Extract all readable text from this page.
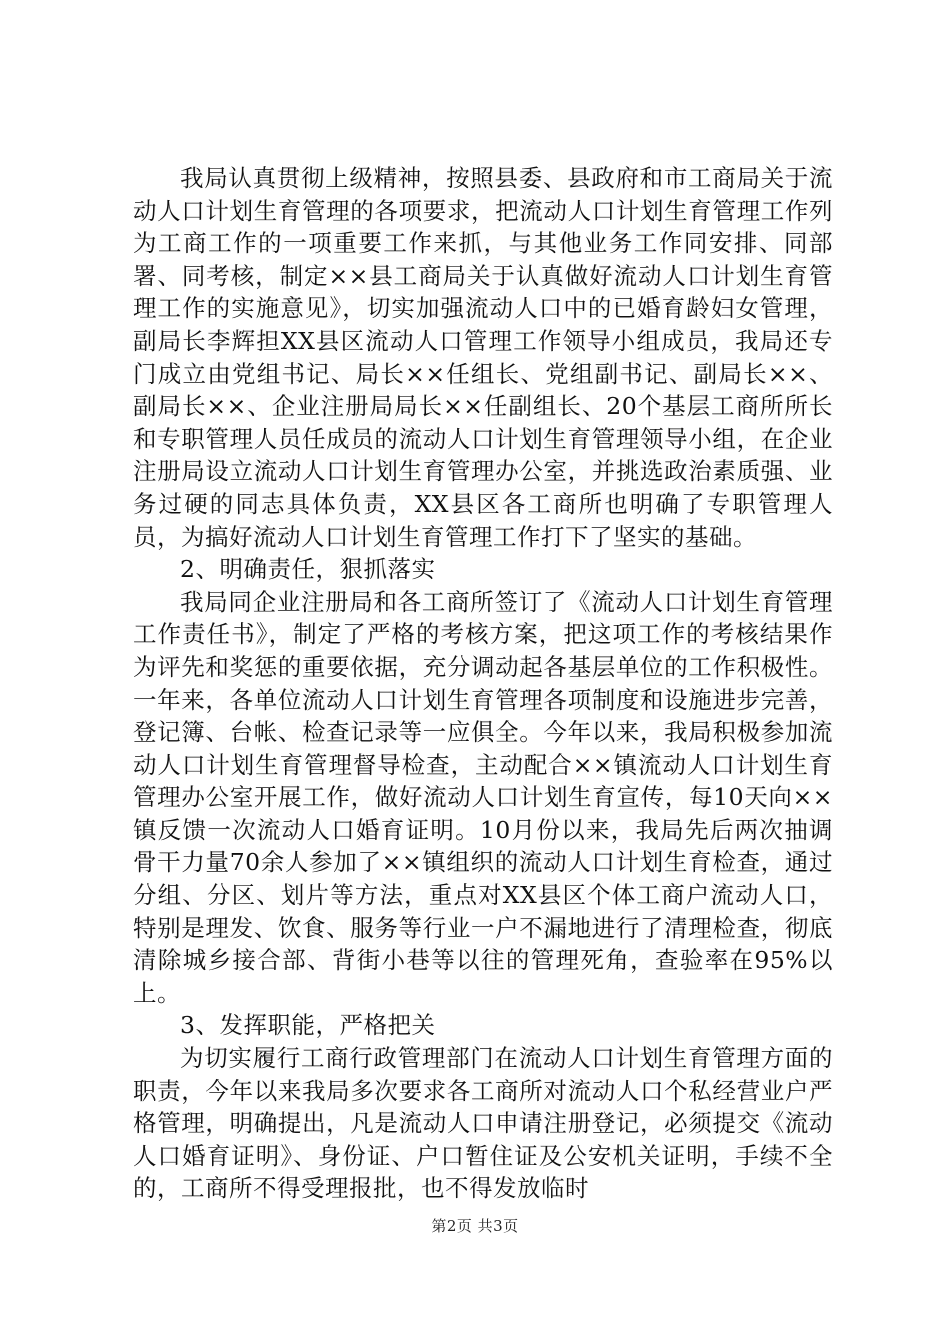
我局认真贯彻上级精神，按照县委、县政府和市工商局关于流动人口计划生育管理的各项要求，把流动人口计划生育管理工作列为工商工作的一项重要工作来抓，与其他业务工作同安排、同部署、同考核，制定××县工商局关于认真做好流动人口计划生育管理工作的实施意见》，切实加强流动人口中的已婚育龄妇女管理，副局长李辉担XX县区流动人口管理工作领导小组成员，我局还专门成立由党组书记、局长××任组长、党组副书记、副局长××、副局长××、企业注册局局长××任副组长、20个基层工商所所长和专职管理人员任成员的流动人口计划生育管理领导小组，在企业注册局设立流动人口计划生育管理办公室，并挑选政治素质强、业务过硬的同志具体负责，XX县区各工商所也明确了专职管理人员，为搞好流动人口计划生育管理工作打下了坚实的基础。

2、明确责任，狠抓落实

我局同企业注册局和各工商所签订了《流动人口计划生育管理工作责任书》，制定了严格的考核方案，把这项工作的考核结果作为评先和奖惩的重要依据，充分调动起各基层单位的工作积极性。一年来，各单位流动人口计划生育管理各项制度和设施进步完善，登记簿、台帐、检查记录等一应俱全。今年以来，我局积极参加流动人口计划生育管理督导检查，主动配合××镇流动人口计划生育管理办公室开展工作，做好流动人口计划生育宣传，每10天向××镇反馈一次流动人口婚育证明。10月份以来，我局先后两次抽调骨干力量70余人参加了××镇组织的流动人口计划生育检查，通过分组、分区、划片等方法，重点对XX县区个体工商户流动人口，特别是理发、饮食、服务等行业一户不漏地进行了清理检查，彻底清除城乡接合部、背街小巷等以往的管理死角，查验率在95%以上。

3、发挥职能，严格把关

为切实履行工商行政管理部门在流动人口计划生育管理方面的职责，今年以来我局多次要求各工商所对流动人口个私经营业户严格管理，明确提出，凡是流动人口申请注册登记，必须提交《流动人口婚育证明》、身份证、户口暂住证及公安机关证明，手续不全的，工商所不得受理报批，也不得发放临时

第2页 共3页
